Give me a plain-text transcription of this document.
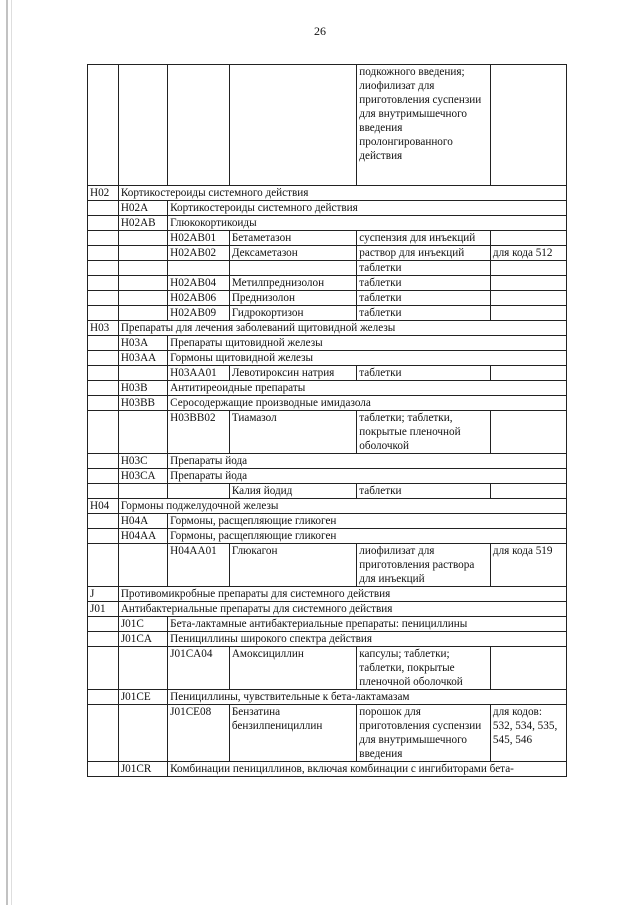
26
				подкожного введения; лиофилизат для приготовления суспензии для внутримышечного введения пролонгированного действия	
H02	Кортикостероиды системного действия				
	H02A	Кортикостероиды системного действия			
	H02AB	Глюкокортикоиды			
		H02AB01	Бетаметазон	суспензия для инъекций	
		H02AB02	Дексаметазон	раствор для инъекций	для кода 512
				таблетки	
		H02AB04	Метилпреднизолон	таблетки	
		H02AB06	Преднизолон	таблетки	
		H02AB09	Гидрокортизон	таблетки	
H03	Препараты для лечения заболеваний щитовидной железы				
	H03A	Препараты щитовидной железы			
	H03AA	Гормоны щитовидной железы			
		H03AA01	Левотироксин натрия	таблетки	
	H03B	Антитиреоидные препараты			
	H03BB	Серосодержащие производные имидазола			
		H03BB02	Тиамазол	таблетки; таблетки, покрытые пленочной оболочкой	
	H03C	Препараты йода			
	H03CA	Препараты йода			
			Калия йодид	таблетки	
H04	Гормоны поджелудочной железы				
	H04A	Гормоны, расщепляющие гликоген			
	H04AA	Гормоны, расщепляющие гликоген			
		H04AA01	Глюкагон	лиофилизат для приготовления раствора для инъекций	для кода 519
J	Противомикробные препараты для системного действия				
J01	Антибактериальные препараты для системного действия				
	J01C	Бета-лактамные антибактериальные препараты: пенициллины			
	J01CA	Пенициллины широкого спектра действия			
		J01CA04	Амоксициллин	капсулы; таблетки; таблетки, покрытые пленочной оболочкой	
	J01CE	Пенициллины, чувствительные к бета-лактамазам			
		J01CE08	Бензатина бензилпенициллин	порошок для приготовления суспензии для внутримышечного введения	для кодов: 532, 534, 535, 545, 546
	J01CR	Комбинации пенициллинов, включая комбинации с ингибиторами бета-			
